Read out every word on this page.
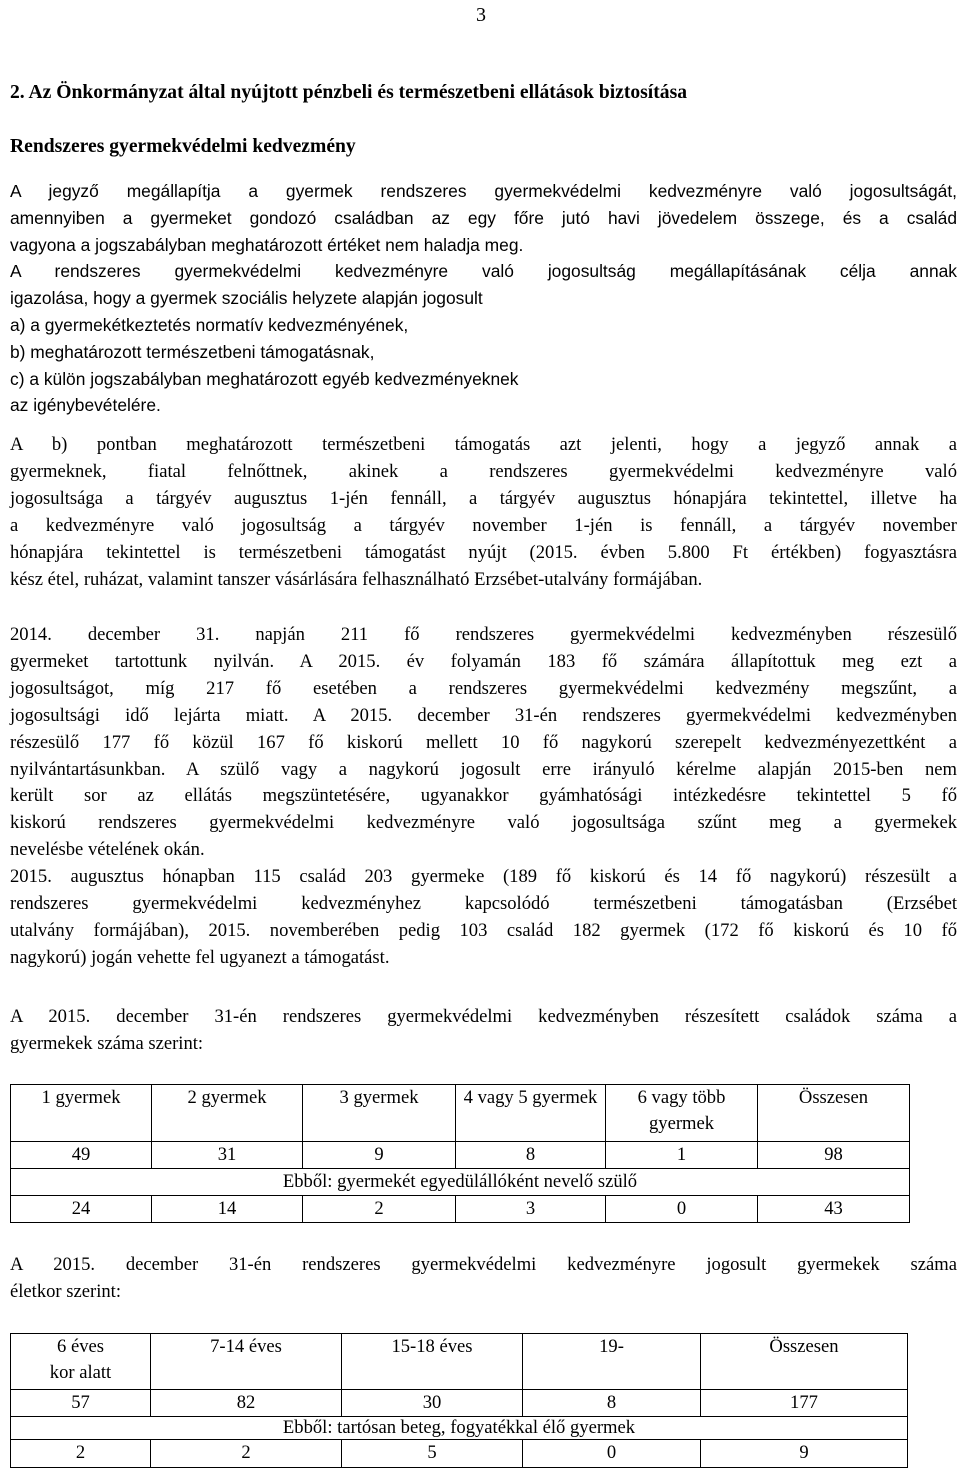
3
2. Az Önkormányzat által nyújtott pénzbeli és természetbeni ellátások biztosítása
Rendszeres gyermekvédelmi kedvezmény
A jegyző megállapítja a gyermek rendszeres gyermekvédelmi kedvezményre való jogosultságát,
amennyiben a gyermeket gondozó családban az egy főre jutó havi jövedelem összege, és a család
vagyona a jogszabályban meghatározott értéket nem haladja meg.
A rendszeres gyermekvédelmi kedvezményre való jogosultság megállapításának célja annak
igazolása, hogy a gyermek szociális helyzete alapján jogosult
a) a gyermekétkeztetés normatív kedvezményének,
b) meghatározott természetbeni támogatásnak,
c) a külön jogszabályban meghatározott egyéb kedvezményeknek
az igénybevételére.
A b) pontban meghatározott természetbeni támogatás azt jelenti, hogy a jegyző annak a
gyermeknek, fiatal felnőttnek, akinek a rendszeres gyermekvédelmi kedvezményre való
jogosultsága a tárgyév augusztus 1-jén fennáll, a tárgyév augusztus hónapjára tekintettel, illetve ha
a kedvezményre való jogosultság a tárgyév november 1-jén is fennáll, a tárgyév november
hónapjára tekintettel is természetbeni támogatást nyújt (2015. évben 5.800 Ft értékben) fogyasztásra
kész étel, ruházat, valamint tanszer vásárlására felhasználható Erzsébet-utalvány formájában.
2014. december 31. napján 211 fő rendszeres gyermekvédelmi kedvezményben részesülő
gyermeket tartottunk nyilván. A 2015. év folyamán 183 fő számára állapítottuk meg ezt a
jogosultságot, míg 217 fő esetében a rendszeres gyermekvédelmi kedvezmény megszűnt, a
jogosultsági idő lejárta miatt. A 2015. december 31-én rendszeres gyermekvédelmi kedvezményben
részesülő 177 fő közül 167 fő kiskorú mellett 10 fő nagykorú szerepelt kedvezményezettként a
nyilvántartásunkban. A szülő vagy a nagykorú jogosult erre irányuló kérelme alapján 2015-ben nem
került sor az ellátás megszüntetésére, ugyanakkor gyámhatósági intézkedésre tekintettel 5 fő
kiskorú rendszeres gyermekvédelmi kedvezményre való jogosultsága szűnt meg a gyermekek
nevelésbe vételének okán.
2015. augusztus hónapban 115 család 203 gyermeke (189 fő kiskorú és 14 fő nagykorú) részesült a
rendszeres gyermekvédelmi kedvezményhez kapcsolódó természetbeni támogatásban (Erzsébet
utalvány formájában), 2015. novemberében pedig 103 család 182 gyermek (172 fő kiskorú és 10 fő
nagykorú) jogán vehette fel ugyanezt a támogatást.
A 2015. december 31-én rendszeres gyermekvédelmi kedvezményben részesített családok száma a
gyermekek száma szerint:
1 gyermek	2 gyermek	3 gyermek	4 vagy 5 gyermek	6 vagy több gyermek	Összesen
49	31	9	8	1	98
Ebből: gyermekét egyedülállóként nevelő szülő					
24	14	2	3	0	43
A 2015. december 31-én rendszeres gyermekvédelmi kedvezményre jogosult gyermekek száma
életkor szerint:
6 éves kor alatt	7-14 éves	15-18 éves	19-	Összesen
57	82	30	8	177
Ebből: tartósan beteg, fogyatékkal élő gyermek				
2	2	5	0	9
